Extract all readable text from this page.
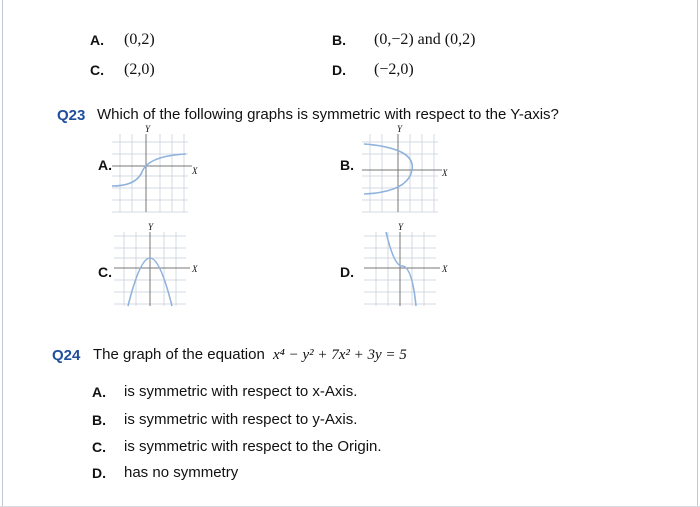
A. (0,2)	B. (0,−2) and (0,2)
C. (2,0)	D. (−2,0)
Q23 Which of the following graphs is symmetric with respect to the Y-axis?
A.
Y
X	B.
Y
X
C.
Y
X	D.
Y
X
Q24 The graph of the equation x⁴ − y² + 7x² + 3y = 5
A. is symmetric with respect to x-Axis.
B. is symmetric with respect to y-Axis.
C. is symmetric with respect to the Origin.
D. has no symmetry
